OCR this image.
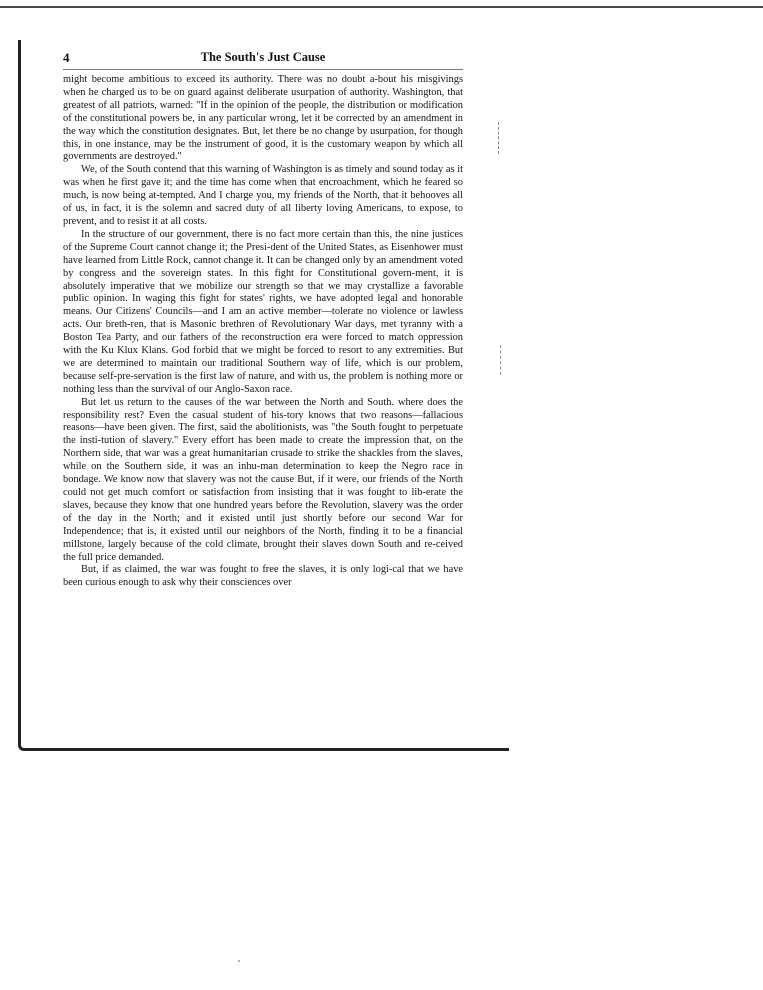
4	The South's Just Cause

might become ambitious to exceed its authority. There was no doubt a-bout his misgivings when he charged us to be on guard against deliberate usurpation of authority. Washington, that greatest of all patriots, warned: "If in the opinion of the people, the distribution or modification of the constitutional powers be, in any particular wrong, let it be corrected by an amendment in the way which the constitution designates. But, let there be no change by usurpation, for though this, in one instance, may be the instrument of good, it is the customary weapon by which all governments are destroyed."

We, of the South contend that this warning of Washington is as timely and sound today as it was when he first gave it; and the time has come when that encroachment, which he feared so much, is now being at-tempted. And I charge you, my friends of the North, that it behooves all of us, in fact, it is the solemn and sacred duty of all liberty loving Americans, to expose, to prevent, and to resist it at all costs.

In the structure of our government, there is no fact more certain than this, the nine justices of the Supreme Court cannot change it; the Presi-dent of the United States, as Eisenhower must have learned from Little Rock, cannot change it. It can be changed only by an amendment voted by congress and the sovereign states. In this fight for Constitutional govern-ment, it is absolutely imperative that we mobilize our strength so that we may crystallize a favorable public opinion. In waging this fight for states' rights, we have adopted legal and honorable means. Our Citizens' Councils—and I am an active member—tolerate no violence or lawless acts. Our breth-ren, that is Masonic brethren of Revolutionary War days, met tyranny with a Boston Tea Party, and our fathers of the reconstruction era were forced to match oppression with the Ku Klux Klans. God forbid that we might be forced to resort to any extremities. But we are determined to maintain our traditional Southern way of life, which is our problem, because self-pre-servation is the first law of nature, and with us, the problem is nothing more or nothing less than the survival of our Anglo-Saxon race.

But let us return to the causes of the war between the North and South. where does the responsibility rest? Even the casual student of his-tory knows that two reasons—fallacious reasons—have been given. The first, said the abolitionists, was "the South fought to perpetuate the insti-tution of slavery." Every effort has been made to create the impression that, on the Northern side, that war was a great humanitarian crusade to strike the shackles from the slaves, while on the Southern side, it was an inhu-man determination to keep the Negro race in bondage. We know now that slavery was not the cause But, if it were, our friends of the North could not get much comfort or satisfaction from insisting that it was fought to lib-erate the slaves, because they know that one hundred years before the Revolution, slavery was the order of the day in the North; and it existed until just shortly before our second War for Independence; that is, it existed until our neighbors of the North, finding it to be a financial millstone, largely because of the cold climate, brought their slaves down South and re-ceived the full price demanded.

But, if as claimed, the war was fought to free the slaves, it is only logi-cal that we have been curious enough to ask why their consciences over
